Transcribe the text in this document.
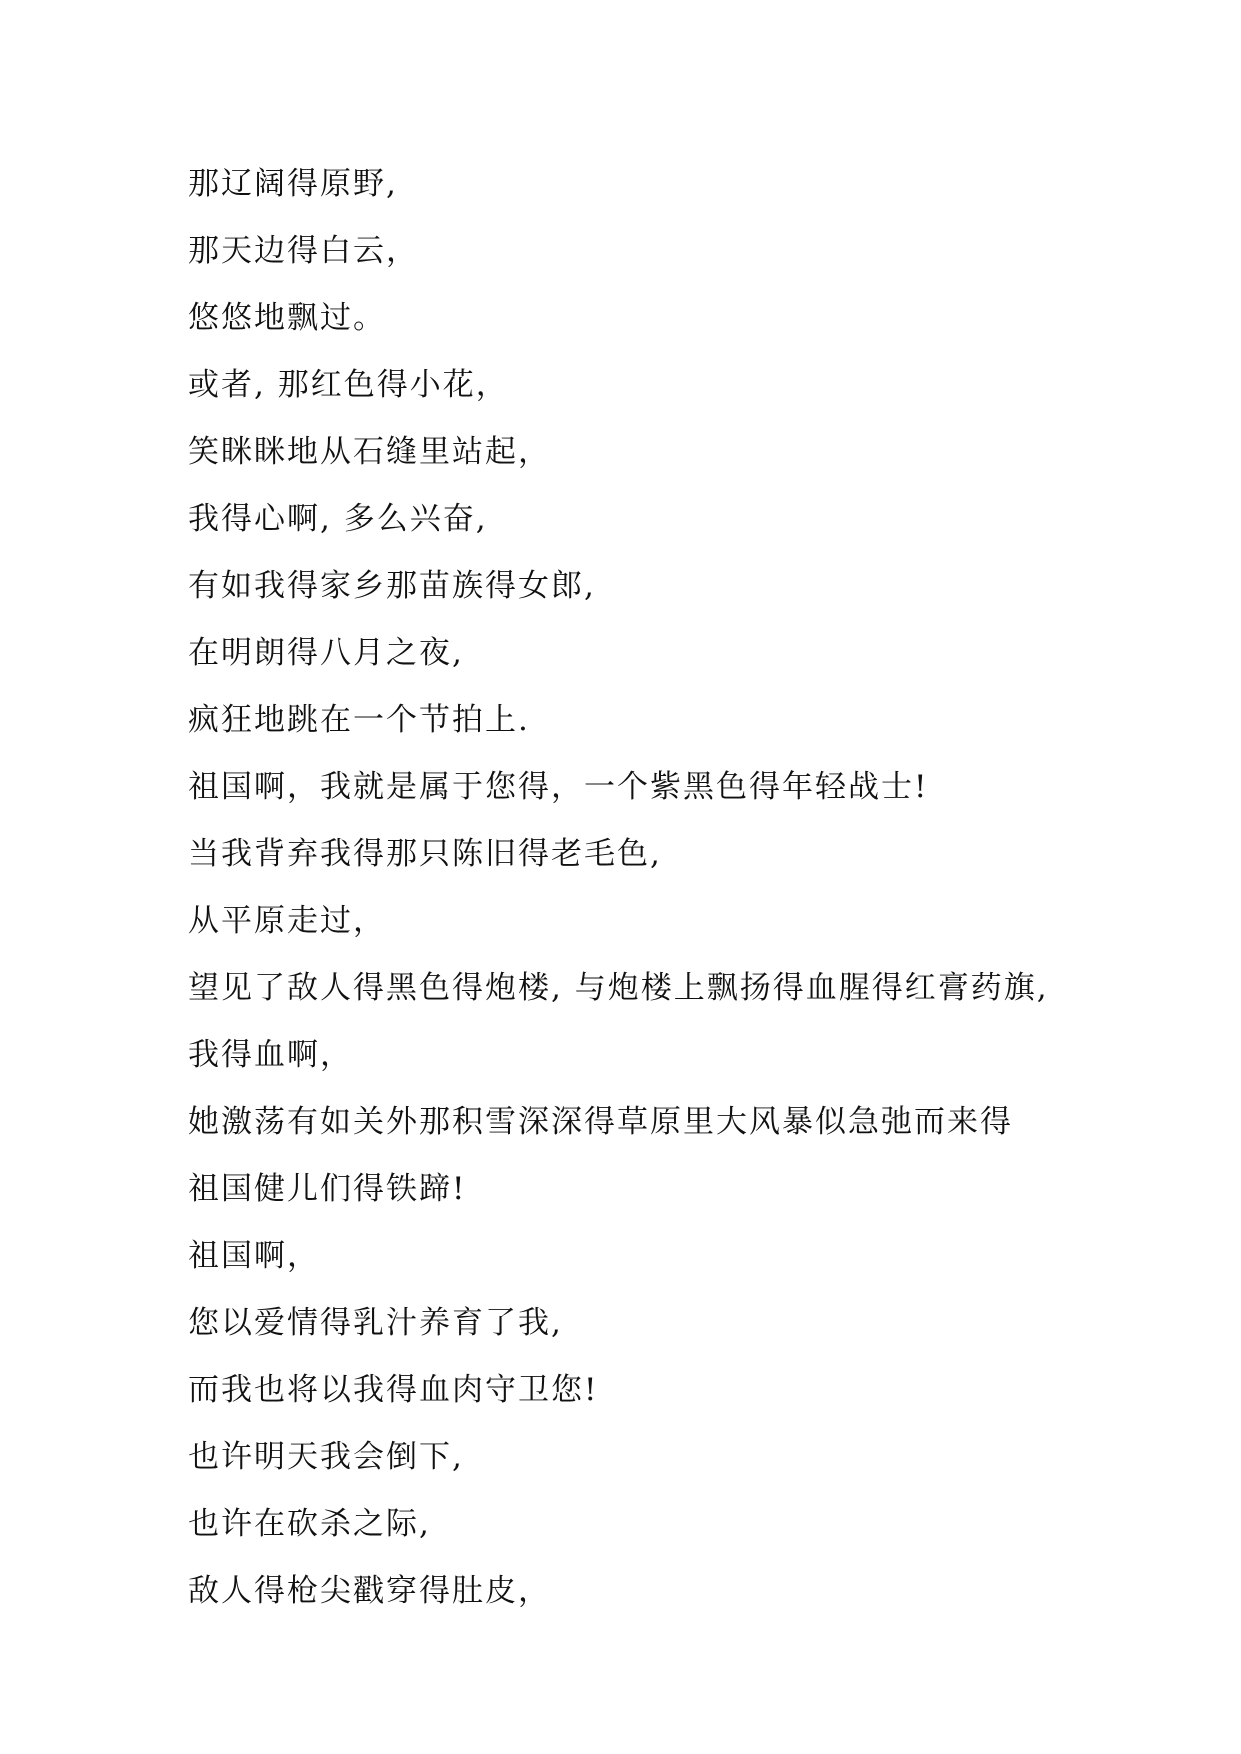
那辽阔得原野,
那天边得白云，
悠悠地飘过。
或者, 那红色得小花，
笑眯眯地从石缝里站起，
我得心啊, 多么兴奋,
有如我得家乡那苗族得女郎,
在明朗得八月之夜,
疯狂地跳在一个节拍上.
祖国啊，我就是属于您得，一个紫黑色得年轻战士!
当我背弃我得那只陈旧得老毛色,
从平原走过，
望见了敌人得黑色得炮楼, 与炮楼上飘扬得血腥得红膏药旗,
我得血啊，
她激荡有如关外那积雪深深得草原里大风暴似急弛而来得
祖国健儿们得铁蹄!
祖国啊，
您以爱情得乳汁养育了我,
而我也将以我得血肉守卫您!
也许明天我会倒下,
也许在砍杀之际,
敌人得枪尖戳穿得肚皮，
